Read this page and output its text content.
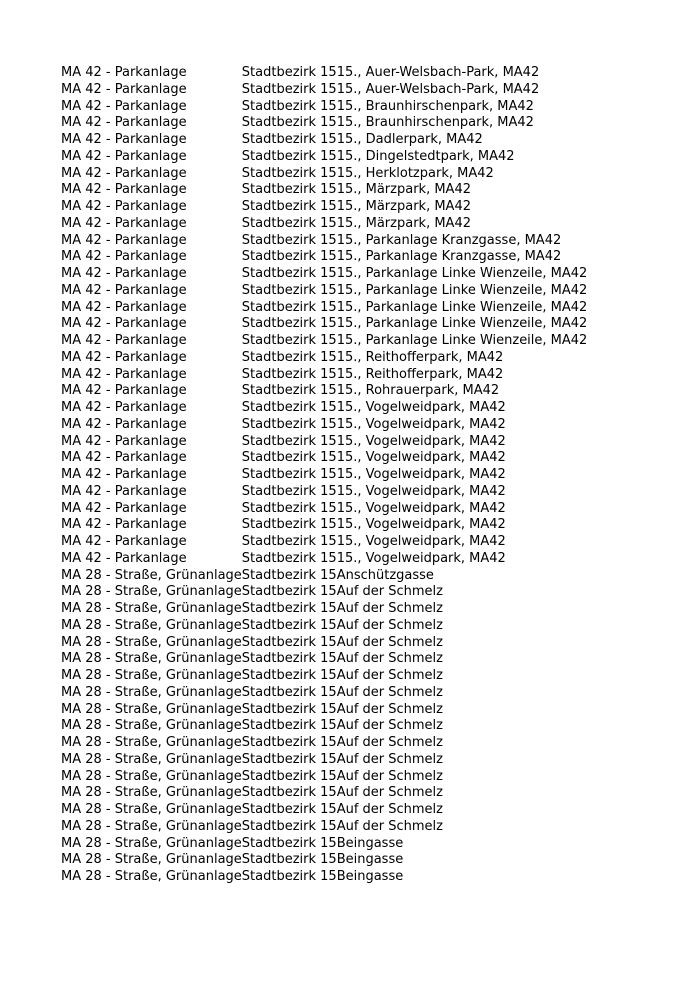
MA 42 - Parkanlage	Stadtbezirk 15	15., Auer-Welsbach-Park, MA42
MA 42 - Parkanlage	Stadtbezirk 15	15., Auer-Welsbach-Park, MA42
MA 42 - Parkanlage	Stadtbezirk 15	15., Braunhirschenpark, MA42
MA 42 - Parkanlage	Stadtbezirk 15	15., Braunhirschenpark, MA42
MA 42 - Parkanlage	Stadtbezirk 15	15., Dadlerpark, MA42
MA 42 - Parkanlage	Stadtbezirk 15	15., Dingelstedtpark, MA42
MA 42 - Parkanlage	Stadtbezirk 15	15., Herklotzpark, MA42
MA 42 - Parkanlage	Stadtbezirk 15	15., Märzpark, MA42
MA 42 - Parkanlage	Stadtbezirk 15	15., Märzpark, MA42
MA 42 - Parkanlage	Stadtbezirk 15	15., Märzpark, MA42
MA 42 - Parkanlage	Stadtbezirk 15	15., Parkanlage Kranzgasse, MA42
MA 42 - Parkanlage	Stadtbezirk 15	15., Parkanlage Kranzgasse, MA42
MA 42 - Parkanlage	Stadtbezirk 15	15., Parkanlage Linke Wienzeile, MA42
MA 42 - Parkanlage	Stadtbezirk 15	15., Parkanlage Linke Wienzeile, MA42
MA 42 - Parkanlage	Stadtbezirk 15	15., Parkanlage Linke Wienzeile, MA42
MA 42 - Parkanlage	Stadtbezirk 15	15., Parkanlage Linke Wienzeile, MA42
MA 42 - Parkanlage	Stadtbezirk 15	15., Parkanlage Linke Wienzeile, MA42
MA 42 - Parkanlage	Stadtbezirk 15	15., Reithofferpark, MA42
MA 42 - Parkanlage	Stadtbezirk 15	15., Reithofferpark, MA42
MA 42 - Parkanlage	Stadtbezirk 15	15., Rohrauerpark, MA42
MA 42 - Parkanlage	Stadtbezirk 15	15., Vogelweidpark, MA42
MA 42 - Parkanlage	Stadtbezirk 15	15., Vogelweidpark, MA42
MA 42 - Parkanlage	Stadtbezirk 15	15., Vogelweidpark, MA42
MA 42 - Parkanlage	Stadtbezirk 15	15., Vogelweidpark, MA42
MA 42 - Parkanlage	Stadtbezirk 15	15., Vogelweidpark, MA42
MA 42 - Parkanlage	Stadtbezirk 15	15., Vogelweidpark, MA42
MA 42 - Parkanlage	Stadtbezirk 15	15., Vogelweidpark, MA42
MA 42 - Parkanlage	Stadtbezirk 15	15., Vogelweidpark, MA42
MA 42 - Parkanlage	Stadtbezirk 15	15., Vogelweidpark, MA42
MA 42 - Parkanlage	Stadtbezirk 15	15., Vogelweidpark, MA42
MA 28 - Straße, Grünanlage	Stadtbezirk 15	Anschützgasse
MA 28 - Straße, Grünanlage	Stadtbezirk 15	Auf der Schmelz
MA 28 - Straße, Grünanlage	Stadtbezirk 15	Auf der Schmelz
MA 28 - Straße, Grünanlage	Stadtbezirk 15	Auf der Schmelz
MA 28 - Straße, Grünanlage	Stadtbezirk 15	Auf der Schmelz
MA 28 - Straße, Grünanlage	Stadtbezirk 15	Auf der Schmelz
MA 28 - Straße, Grünanlage	Stadtbezirk 15	Auf der Schmelz
MA 28 - Straße, Grünanlage	Stadtbezirk 15	Auf der Schmelz
MA 28 - Straße, Grünanlage	Stadtbezirk 15	Auf der Schmelz
MA 28 - Straße, Grünanlage	Stadtbezirk 15	Auf der Schmelz
MA 28 - Straße, Grünanlage	Stadtbezirk 15	Auf der Schmelz
MA 28 - Straße, Grünanlage	Stadtbezirk 15	Auf der Schmelz
MA 28 - Straße, Grünanlage	Stadtbezirk 15	Auf der Schmelz
MA 28 - Straße, Grünanlage	Stadtbezirk 15	Auf der Schmelz
MA 28 - Straße, Grünanlage	Stadtbezirk 15	Auf der Schmelz
MA 28 - Straße, Grünanlage	Stadtbezirk 15	Auf der Schmelz
MA 28 - Straße, Grünanlage	Stadtbezirk 15	Beingasse
MA 28 - Straße, Grünanlage	Stadtbezirk 15	Beingasse
MA 28 - Straße, Grünanlage	Stadtbezirk 15	Beingasse
